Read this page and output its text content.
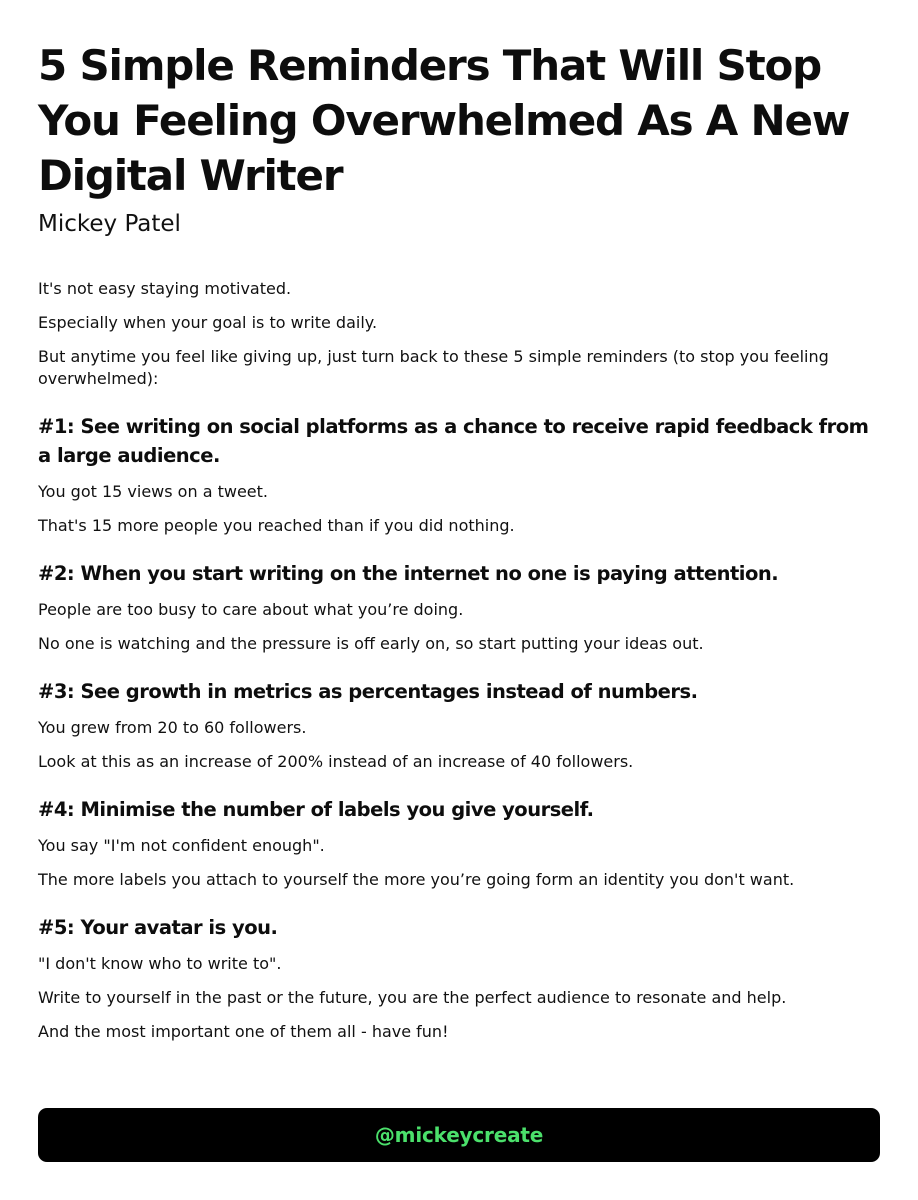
5 Simple Reminders That Will Stop You Feeling Overwhelmed As A New Digital Writer
Mickey Patel

It's not easy staying motivated.

Especially when your goal is to write daily.

But anytime you feel like giving up, just turn back to these 5 simple reminders (to stop you feeling overwhelmed):

#1: See writing on social platforms as a chance to receive rapid feedback from a large audience.

You got 15 views on a tweet.

That's 15 more people you reached than if you did nothing.

#2: When you start writing on the internet no one is paying attention.

People are too busy to care about what you’re doing.

No one is watching and the pressure is off early on, so start putting your ideas out.

#3: See growth in metrics as percentages instead of numbers.

You grew from 20 to 60 followers.

Look at this as an increase of 200% instead of an increase of 40 followers.

#4: Minimise the number of labels you give yourself.

You say "I'm not confident enough".

The more labels you attach to yourself the more you’re going form an identity you don't want.

#5: Your avatar is you.

"I don't know who to write to".

Write to yourself in the past or the future, you are the perfect audience to resonate and help.

And the most important one of them all - have fun!

@mickeycreate
